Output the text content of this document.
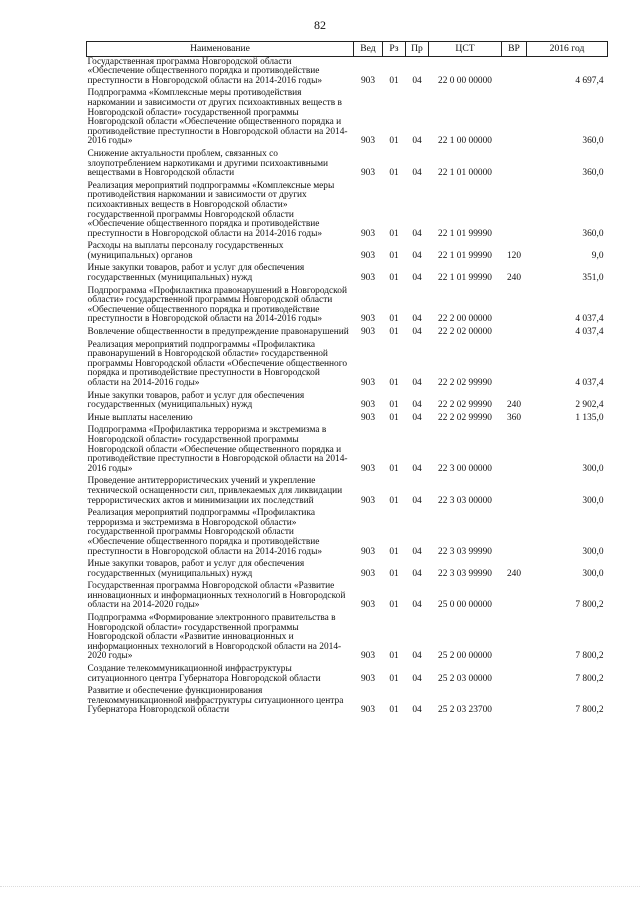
82
Наименование	Вед	Рз	Пр	ЦСТ	ВР	2016 год
Государственная программа Новгородской области «Обеспечение общественного порядка и противодействие преступности в Новгородской области на 2014-2016 годы»	903	01	04	22 0 00 00000		4 697,4
Подпрограмма «Комплексные меры противодействия наркомании и зависимости от других психоактивных веществ в Новгородской области» государственной программы Новгородской области «Обеспечение общественного порядка и противодействие преступности в Новгородской области на 2014-2016 годы»	903	01	04	22 1 00 00000		360,0
Снижение актуальности проблем, связанных со злоупотреблением наркотиками и другими психоактивными веществами в Новгородской области	903	01	04	22 1 01 00000		360,0
Реализация мероприятий подпрограммы «Комплексные меры противодействия наркомании и зависимости от других психоактивных веществ в Новгородской области» государственной программы Новгородской области «Обеспечение общественного порядка и противодействие преступности в Новгородской области на 2014-2016 годы»	903	01	04	22 1 01 99990		360,0
Расходы на выплаты персоналу государственных (муниципальных) органов	903	01	04	22 1 01 99990	120	9,0
Иные закупки товаров, работ и услуг для обеспечения государственных (муниципальных) нужд	903	01	04	22 1 01 99990	240	351,0
Подпрограмма «Профилактика правонарушений в Новгородской области» государственной программы Новгородской области «Обеспечение общественного порядка и противодействие преступности в Новгородской области на 2014-2016 годы»	903	01	04	22 2 00 00000		4 037,4
Вовлечение общественности в предупреждение правонарушений	903	01	04	22 2 02 00000		4 037,4
Реализация мероприятий подпрограммы «Профилактика правонарушений в Новгородской области» государственной программы Новгородской области «Обеспечение общественного порядка и противодействие преступности в Новгородской области на 2014-2016 годы»	903	01	04	22 2 02 99990		4 037,4
Иные закупки товаров, работ и услуг для обеспечения государственных (муниципальных) нужд	903	01	04	22 2 02 99990	240	2 902,4
Иные выплаты населению	903	01	04	22 2 02 99990	360	1 135,0
Подпрограмма «Профилактика терроризма и экстремизма в Новгородской области» государственной программы Новгородской области «Обеспечение общественного порядка и противодействие преступности в Новгородской области на 2014-2016 годы»	903	01	04	22 3 00 00000		300,0
Проведение антитеррористических учений и укрепление технической оснащенности сил, привлекаемых для ликвидации террористических актов и минимизации их последствий	903	01	04	22 3 03 00000		300,0
Реализация мероприятий подпрограммы «Профилактика терроризма и экстремизма в Новгородской области» государственной программы Новгородской области «Обеспечение общественного порядка и противодействие преступности в Новгородской области на 2014-2016 годы»	903	01	04	22 3 03 99990		300,0
Иные закупки товаров, работ и услуг для обеспечения государственных (муниципальных) нужд	903	01	04	22 3 03 99990	240	300,0
Государственная программа Новгородской области «Развитие инновационных и информационных технологий в Новгородской области на 2014-2020 годы»	903	01	04	25 0 00 00000		7 800,2
Подпрограмма «Формирование электронного правительства в Новгородской области» государственной программы Новгородской области «Развитие инновационных и информационных технологий в Новгородской области на 2014-2020 годы»	903	01	04	25 2 00 00000		7 800,2
Создание телекоммуникационной инфраструктуры ситуационного центра Губернатора Новгородской области	903	01	04	25 2 03 00000		7 800,2
Развитие и обеспечение функционирования телекоммуникационной инфраструктуры ситуационного центра Губернатора Новгородской области	903	01	04	25 2 03 23700		7 800,2
